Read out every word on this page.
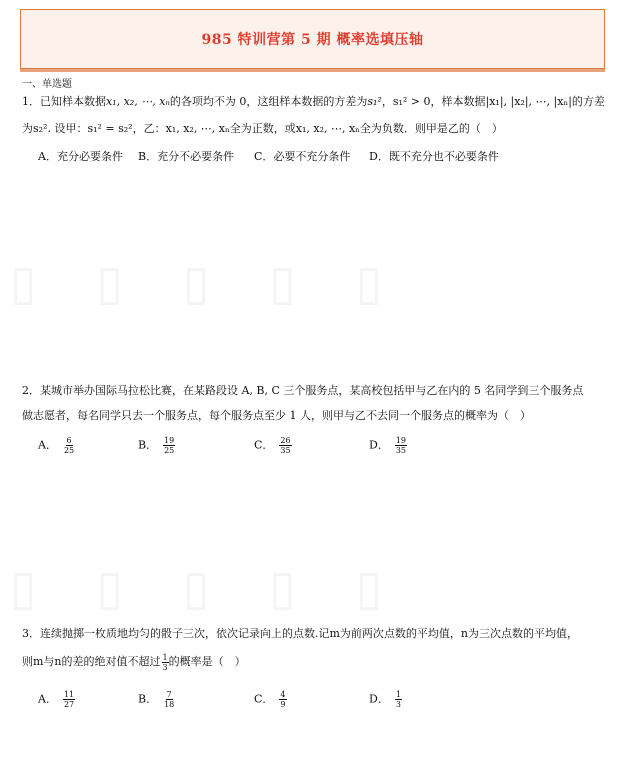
▯▯▯▯▯
▯▯▯▯▯
985 特训营第 5 期 概率选填压轴
一、单选题
1．已知样本数据x₁, x₂, ⋯, xₙ的各项均不为 0，这组样本数据的方差为s₁²，s₁² > 0，样本数据|x₁|, |x₂|, ⋯, |xₙ|的方差
为s₂². 设甲：s₁² = s₂²，乙：x₁, x₂, ⋯, xₙ全为正数，或x₁, x₂, ⋯, xₙ全为负数．则甲是乙的（　）
A．充分必要条件 B．充分不必要条件 C．必要不充分条件 D．既不充分也不必要条件
2．某城市举办国际马拉松比赛，在某路段设 A, B, C 三个服务点，某高校包括甲与乙在内的 5 名同学到三个服务点
做志愿者，每名同学只去一个服务点，每个服务点至少 1 人，则甲与乙不去同一个服务点的概率为（　）
A． $\frac{6}{25}$	B． $\frac{19}{25}$	C． $\frac{26}{35}$	D． $\frac{19}{35}$
3．连续抛掷一枚质地均匀的骰子三次，依次记录向上的点数.记m为前两次点数的平均值，n为三次点数的平均值，
则m与n的差的绝对值不超过 $\frac{1}{3}$ 的概率是（　）
A． $\frac{11}{27}$	B． $\frac{7}{18}$	C． $\frac{4}{9}$	D． $\frac{1}{3}$
